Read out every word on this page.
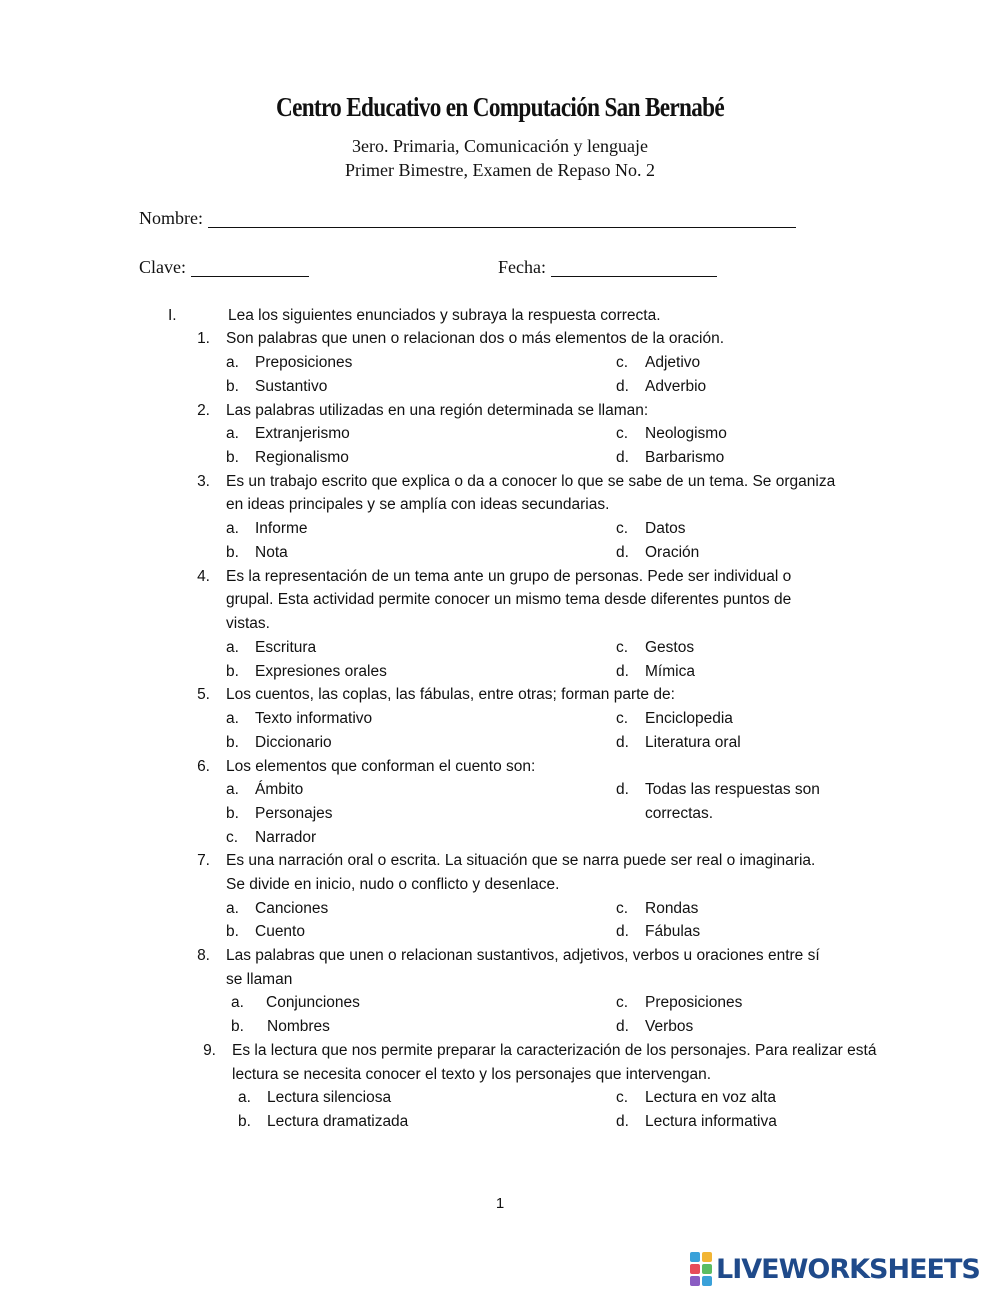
Centro Educativo en Computación San Bernabé
3ero. Primaria, Comunicación y lenguaje
Primer Bimestre, Examen de Repaso No. 2
Nombre:
Clave:	Fecha:
I.	Lea los siguientes enunciados y subraya la respuesta correcta.
1. Son palabras que unen o relacionan dos o más elementos de la oración.
a. Preposiciones	c. Adjetivo
b. Sustantivo	d. Adverbio
2. Las palabras utilizadas en una región determinada se llaman:
a. Extranjerismo	c. Neologismo
b. Regionalismo	d. Barbarismo
3. Es un trabajo escrito que explica o da a conocer lo que se sabe de un tema. Se organiza
en ideas principales y se amplía con ideas secundarias.
a. Informe	c. Datos
b. Nota	d. Oración
4. Es la representación de un tema ante un grupo de personas. Pede ser individual o
grupal. Esta actividad permite conocer un mismo tema desde diferentes puntos de
vistas.
a. Escritura	c. Gestos
b. Expresiones orales	d. Mímica
5. Los cuentos, las coplas, las fábulas, entre otras; forman parte de:
a. Texto informativo	c. Enciclopedia
b. Diccionario	d. Literatura oral
6. Los elementos que conforman el cuento son:
a. Ámbito	d. Todas las respuestas son
b. Personajes	correctas.
c. Narrador
7. Es una narración oral o escrita. La situación que se narra puede ser real o imaginaria.
Se divide en inicio, nudo o conflicto y desenlace.
a. Canciones	c. Rondas
b. Cuento	d. Fábulas
8. Las palabras que unen o relacionan sustantivos, adjetivos, verbos u oraciones entre sí
se llaman
a. Conjunciones	c. Preposiciones
b. Nombres	d. Verbos
9. Es la lectura que nos permite preparar la caracterización de los personajes. Para realizar está
lectura se necesita conocer el texto y los personajes que intervengan.
a. Lectura silenciosa	c. Lectura en voz alta
b. Lectura dramatizada	d. Lectura informativa
1
LIVEWORKSHEETS
